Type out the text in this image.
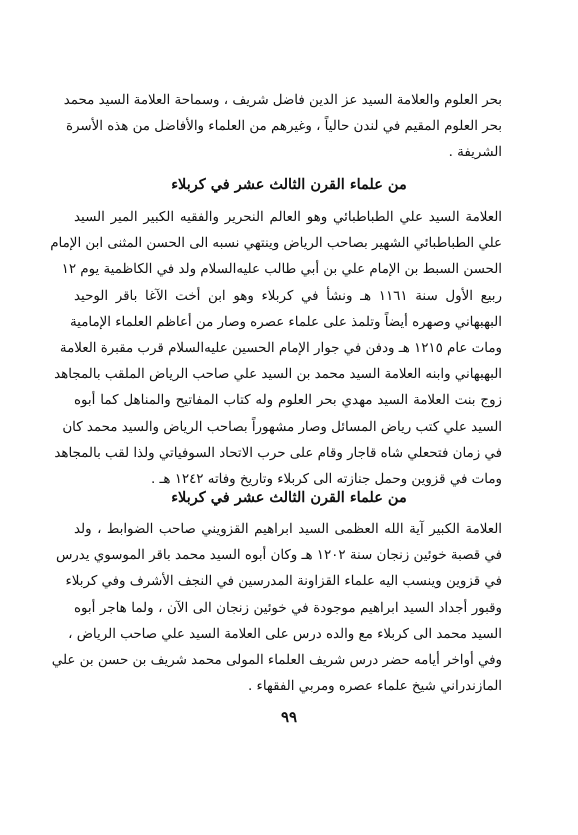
بحر العلوم والعلامة السيد عز الدين فاضل شريف ، وسماحة العلامة السيد محمد
بحر العلوم المقيم في لندن حالياً ، وغيرهم من العلماء والأفاضل من هذه الأسرة
الشريفة .
من علماء القرن الثالث عشر في كربلاء
العلامة السيد علي الطباطبائي وهو العالم النحرير والفقيه الكبير المير السيد
علي الطباطبائي الشهير بصاحب الرياض وينتهي نسبه الى الحسن المثنى ابن الإمام
الحسن السبط بن الإمام علي بن أبي طالب عليه‌السلام ولد في الكاظمية يوم ١٢
ربيع الأول سنة ١١٦١ هـ ونشأ في كربلاء وهو ابن أخت الآغا باقر الوحيد
البهبهاني وصهره أيضاً وتلمذ على علماء عصره وصار من أعاظم العلماء الإمامية
ومات عام ١٢١٥ هـ ودفن في جوار الإمام الحسين عليه‌السلام قرب مقبرة العلامة
البهبهاني وابنه العلامة السيد محمد بن السيد علي صاحب الرياض الملقب بالمجاهد
زوج بنت العلامة السيد مهدي بحر العلوم وله كتاب المفاتيح والمناهل كما أبوه
السيد علي كتب رياض المسائل وصار مشهوراً بصاحب الرياض والسيد محمد كان
في زمان فتحعلي شاه قاجار وقام على حرب الاتحاد السوفياتي ولذا لقب بالمجاهد
ومات في قزوين وحمل جنازته الى كربلاء وتاريخ وفاته ١٢٤٢ هـ .
من علماء القرن الثالث عشر في كربلاء
العلامة الكبير آية الله العظمى السيد ابراهيم القزويني صاحب الضوابط ، ولد
في قصبة خوئين زنجان سنة ١٢٠٢ هـ وكان أبوه السيد محمد باقر الموسوي يدرس
في قزوين وينسب اليه علماء القزاونة المدرسين في النجف الأشرف وفي كربلاء
وقبور أجداد السيد ابراهيم موجودة في خوئين زنجان الى الآن ، ولما هاجر أبوه
السيد محمد الى كربلاء مع والده درس على العلامة السيد علي صاحب الرياض ،
وفي أواخر أيامه حضر درس شريف العلماء المولى محمد شريف بن حسن بن علي
المازندراني شيخ علماء عصره ومربي الفقهاء .
٩٩
